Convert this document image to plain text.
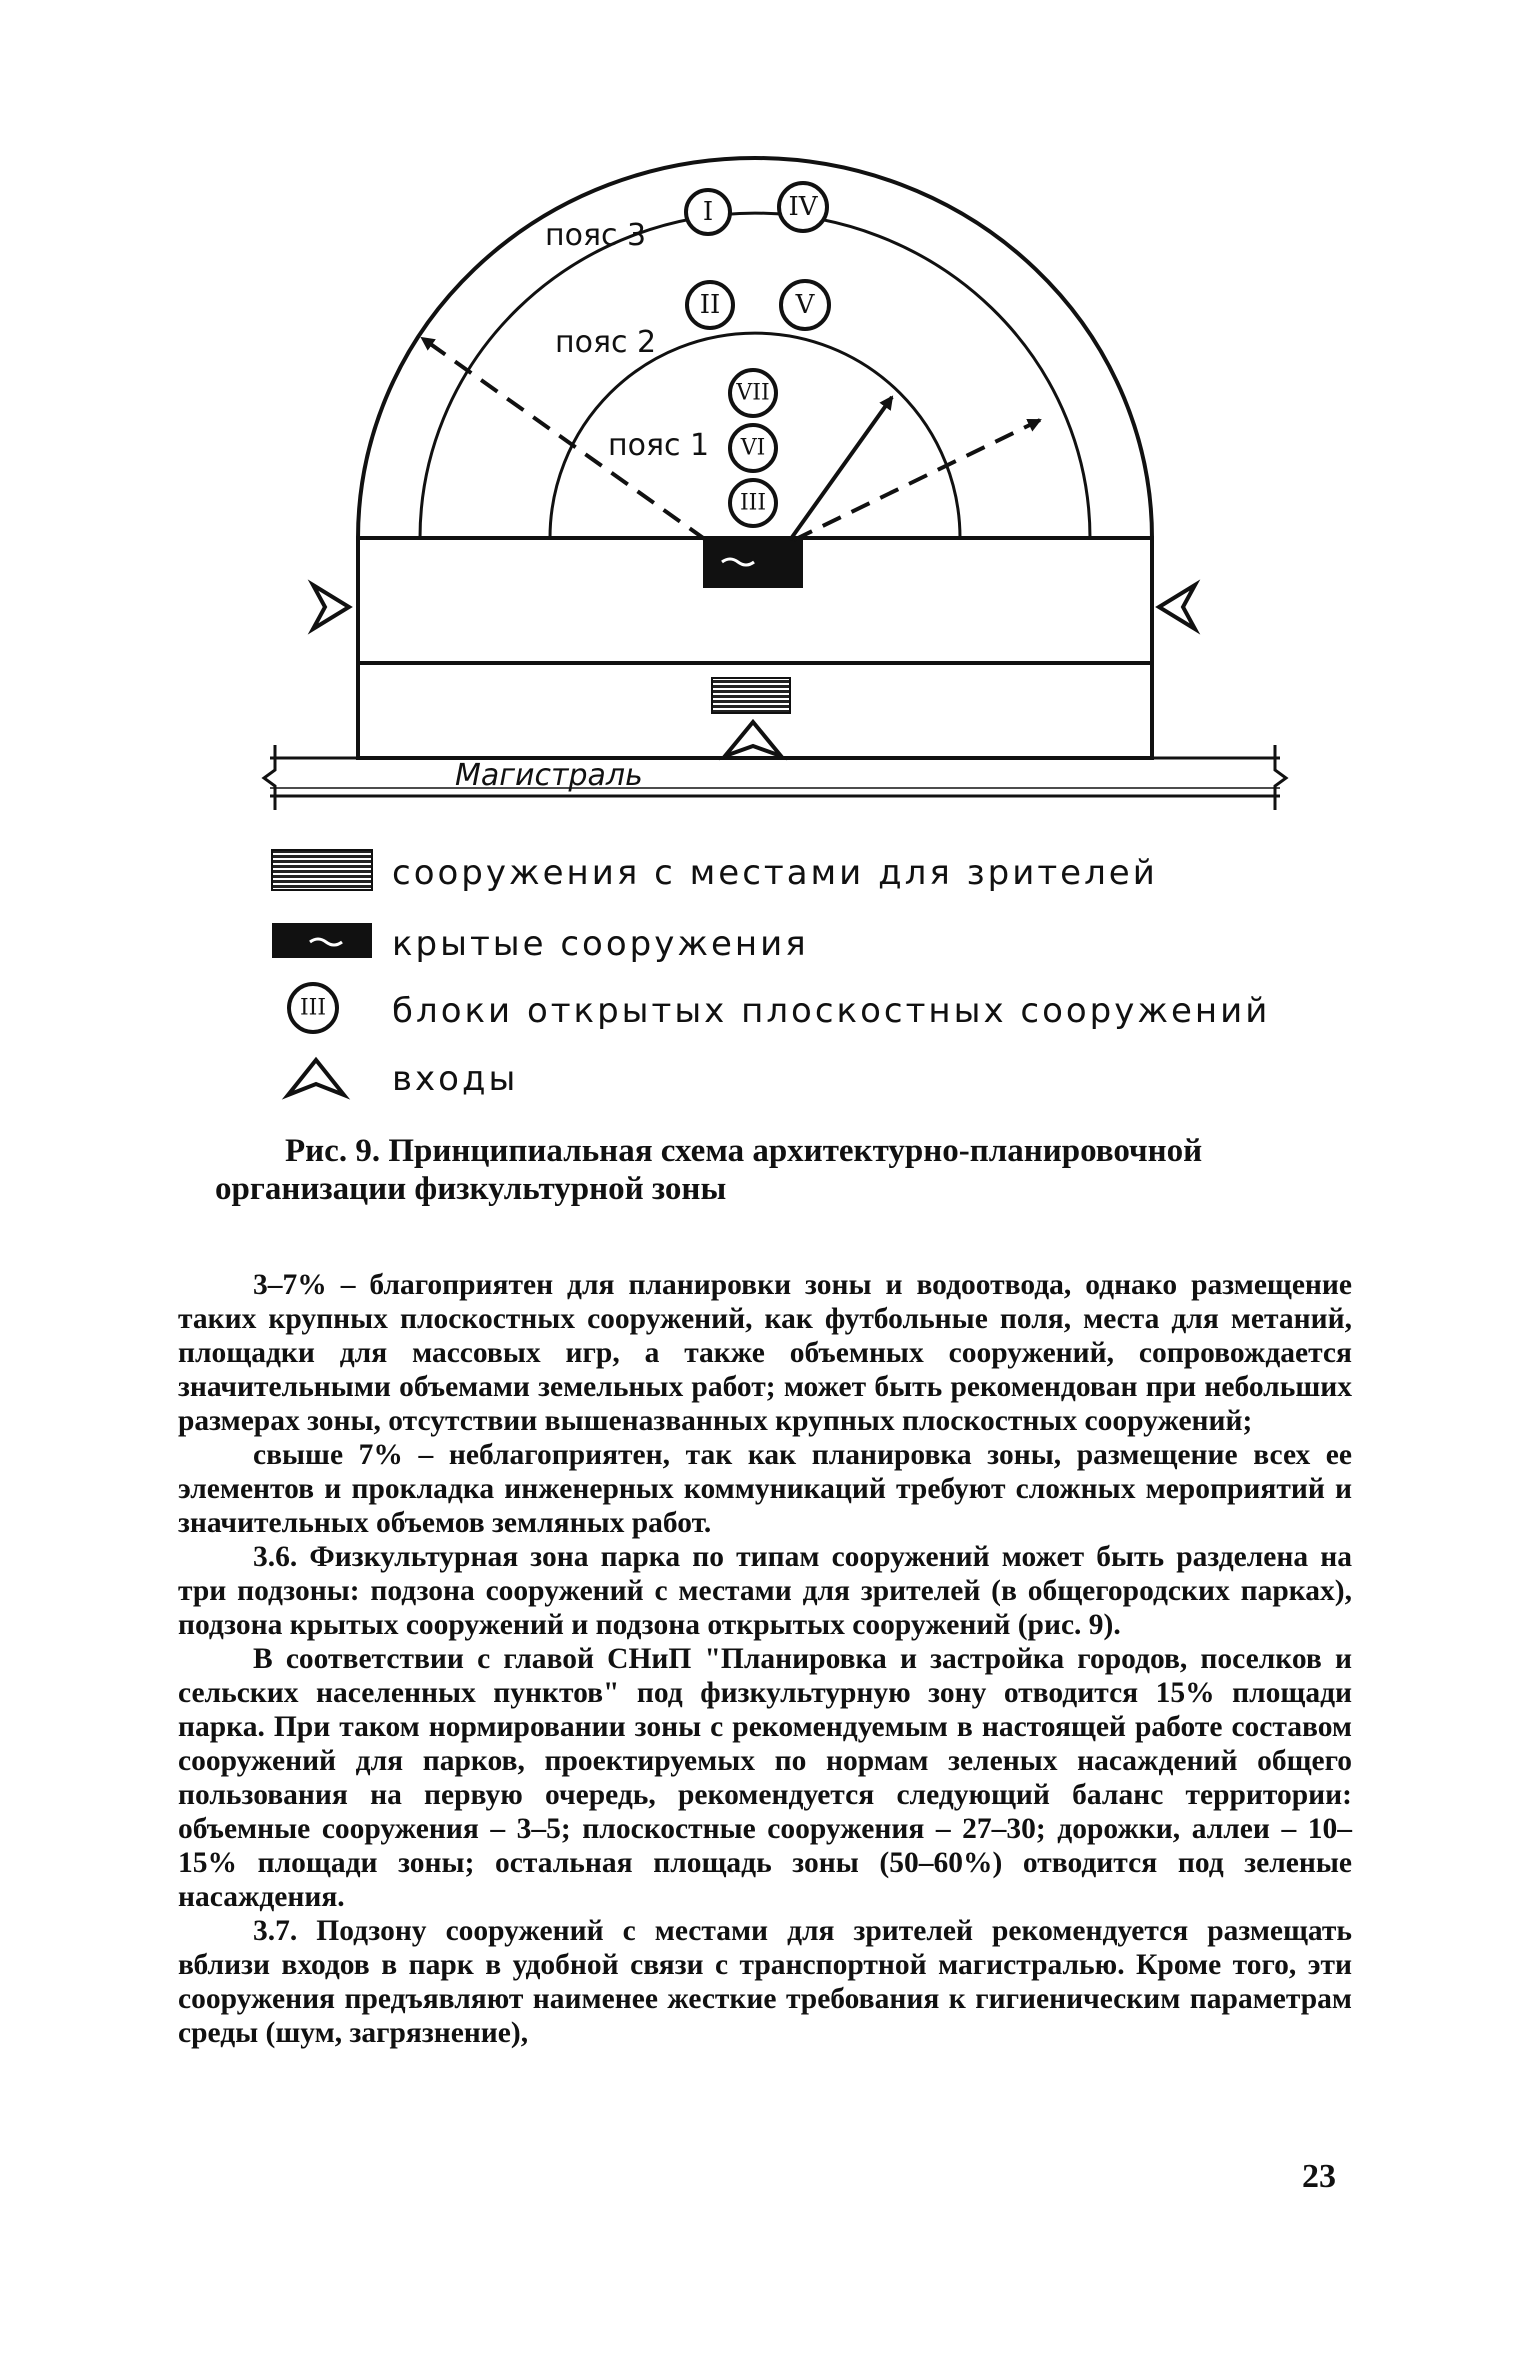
Магистраль
пояс 3
пояс 2
пояс 1
I	IV
II	V
VII
VI
III
сооружения с местами для зрителей
крытые сооружения
III блоки открытых плоскостных сооружений
входы
Рис. 9. Принципиальная схема архитектурно-планировочной
организации физкультурной зоны

3–7% – благоприятен для планировки зоны и водоотвода, однако размещение таких крупных плоскостных сооружений, как футбольные поля, места для метаний, площадки для массовых игр, а также объемных сооружений, сопровождается значительными объемами земельных работ; может быть рекомендован при небольших размерах зоны, отсутствии вышеназванных крупных плоскостных сооружений;

свыше 7% – неблагоприятен, так как планировка зоны, размещение всех ее элементов и прокладка инженерных коммуникаций требуют сложных мероприятий и значительных объемов земляных работ.

3.6. Физкультурная зона парка по типам сооружений может быть разделена на три подзоны: подзона сооружений с местами для зрителей (в общегородских парках), подзона крытых сооружений и подзона открытых сооружений (рис. 9).

В соответствии с главой СНиП "Планировка и застройка городов, поселков и сельских населенных пунктов" под физкультурную зону отводится 15% площади парка. При таком нормировании зоны с рекомендуемым в настоящей работе составом сооружений для парков, проектируемых по нормам зеленых насаждений общего пользования на первую очередь, рекомендуется следующий баланс территории: объемные сооружения – 3–5; плоскостные сооружения – 27–30; дорожки, аллеи – 10–15% площади зоны; остальная площадь зоны (50–60%) отводится под зеленые насаждения.

3.7. Подзону сооружений с местами для зрителей рекомендуется размещать вблизи входов в парк в удобной связи с транспортной магистралью. Кроме того, эти сооружения предъявляют наименее жесткие требования к гигиеническим параметрам среды (шум, загрязнение),

23
